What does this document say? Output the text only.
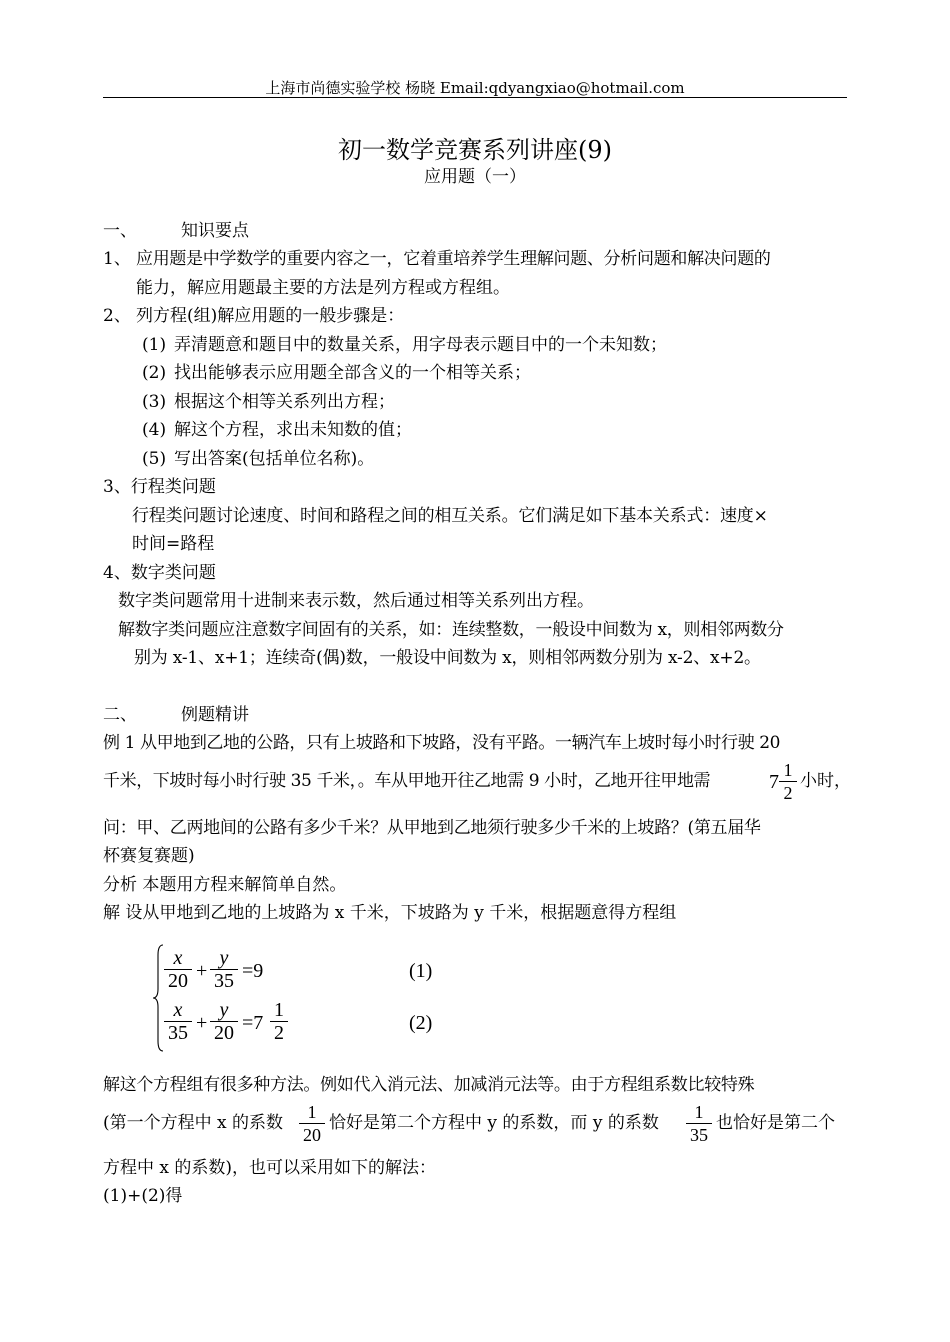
上海市尚德实验学校 杨晓 Email:qdyangxiao@hotmail.com
初一数学竞赛系列讲座(9)
应用题（一）
一、	知识要点
1、 应用题是中学数学的重要内容之一，它着重培养学生理解问题、分析问题和解决问题的
能力，解应用题最主要的方法是列方程或方程组。
2、 列方程(组)解应用题的一般步骤是：
(1) 弄清题意和题目中的数量关系，用字母表示题目中的一个未知数；
(2) 找出能够表示应用题全部含义的一个相等关系；
(3) 根据这个相等关系列出方程；
(4) 解这个方程，求出未知数的值；
(5) 写出答案(包括单位名称)。
3、行程类问题
行程类问题讨论速度、时间和路程之间的相互关系。它们满足如下基本关系式：速度×
时间=路程
4、数字类问题
数字类问题常用十进制来表示数，然后通过相等关系列出方程。
解数字类问题应注意数字间固有的关系，如：连续整数，一般设中间数为 x，则相邻两数分
别为 x-1、x+1；连续奇(偶)数，一般设中间数为 x，则相邻两数分别为 x-2、x+2。
二、	例题精讲
例 1 从甲地到乙地的公路，只有上坡路和下坡路，没有平路。一辆汽车上坡时每小时行驶 20
千米，下坡时每小时行驶 35 千米，。车从甲地开往乙地需 9 小时，乙地开往甲地需	7
1
2
小时，
问：甲、乙两地间的公路有多少千米？从甲地到乙地须行驶多少千米的上坡路？(第五届华
杯赛复赛题)
分析 本题用方程来解简单自然。
解 设从甲地到乙地的上坡路为 x 千米，下坡路为 y 千米，根据题意得方程组
x
20 +
y
35 =9	(1)
x
35 +
y
20 =7
1
2	(2)
解这个方程组有很多种方法。例如代入消元法、加减消元法等。由于方程组系数比较特殊
(第一个方程中 x 的系数
1
20
恰好是第二个方程中 y 的系数，而 y 的系数
1
35
也恰好是第二个
方程中 x 的系数)，也可以采用如下的解法：
(1)+(2)得
